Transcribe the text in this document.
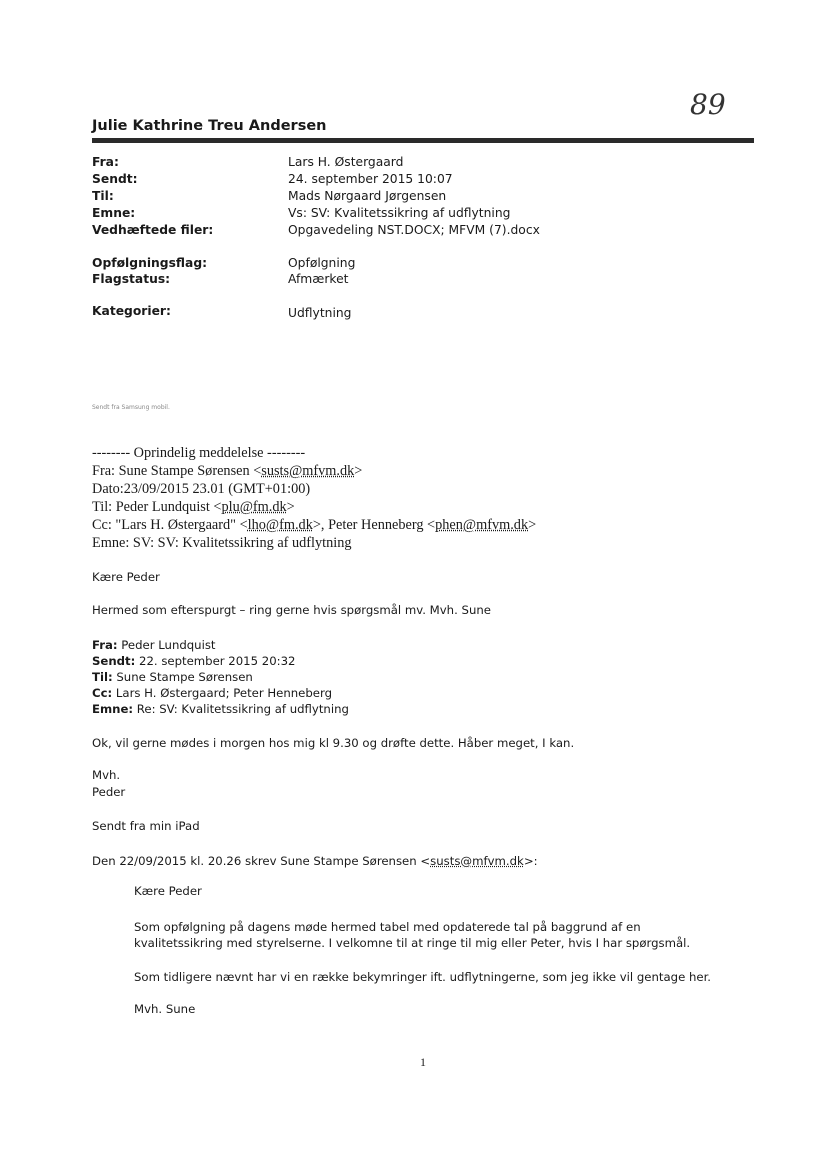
89
Julie Kathrine Treu Andersen
Fra:	Lars H. Østergaard
Sendt:	24. september 2015 10:07
Til:	Mads Nørgaard Jørgensen
Emne:	Vs: SV: Kvalitetssikring af udflytning
Vedhæftede filer:	Opgavedeling NST.DOCX; MFVM (7).docx
Opfølgningsflag:	Opfølgning
Flagstatus:	Afmærket
Kategorier:	Udflytning
Sendt fra Samsung mobil.
-------- Oprindelig meddelelse --------
Fra: Sune Stampe Sørensen <susts@mfvm.dk>
Dato:23/09/2015 23.01 (GMT+01:00)
Til: Peder Lundquist <plu@fm.dk>
Cc: "Lars H. Østergaard" <lho@fm.dk>, Peter Henneberg <phen@mfvm.dk>
Emne: SV: SV: Kvalitetssikring af udflytning
Kære Peder
Hermed som efterspurgt – ring gerne hvis spørgsmål mv. Mvh. Sune
Fra: Peder Lundquist
Sendt: 22. september 2015 20:32
Til: Sune Stampe Sørensen
Cc: Lars H. Østergaard; Peter Henneberg
Emne: Re: SV: Kvalitetssikring af udflytning
Ok, vil gerne mødes i morgen hos mig kl 9.30 og drøfte dette. Håber meget, I kan.
Mvh.
Peder
Sendt fra min iPad
Den 22/09/2015 kl. 20.26 skrev Sune Stampe Sørensen <susts@mfvm.dk>:
Kære Peder
Som opfølgning på dagens møde hermed tabel med opdaterede tal på baggrund af en
kvalitetssikring med styrelserne. I velkomne til at ringe til mig eller Peter, hvis I har spørgsmål.
Som tidligere nævnt har vi en række bekymringer ift. udflytningerne, som jeg ikke vil gentage her.
Mvh. Sune
1
